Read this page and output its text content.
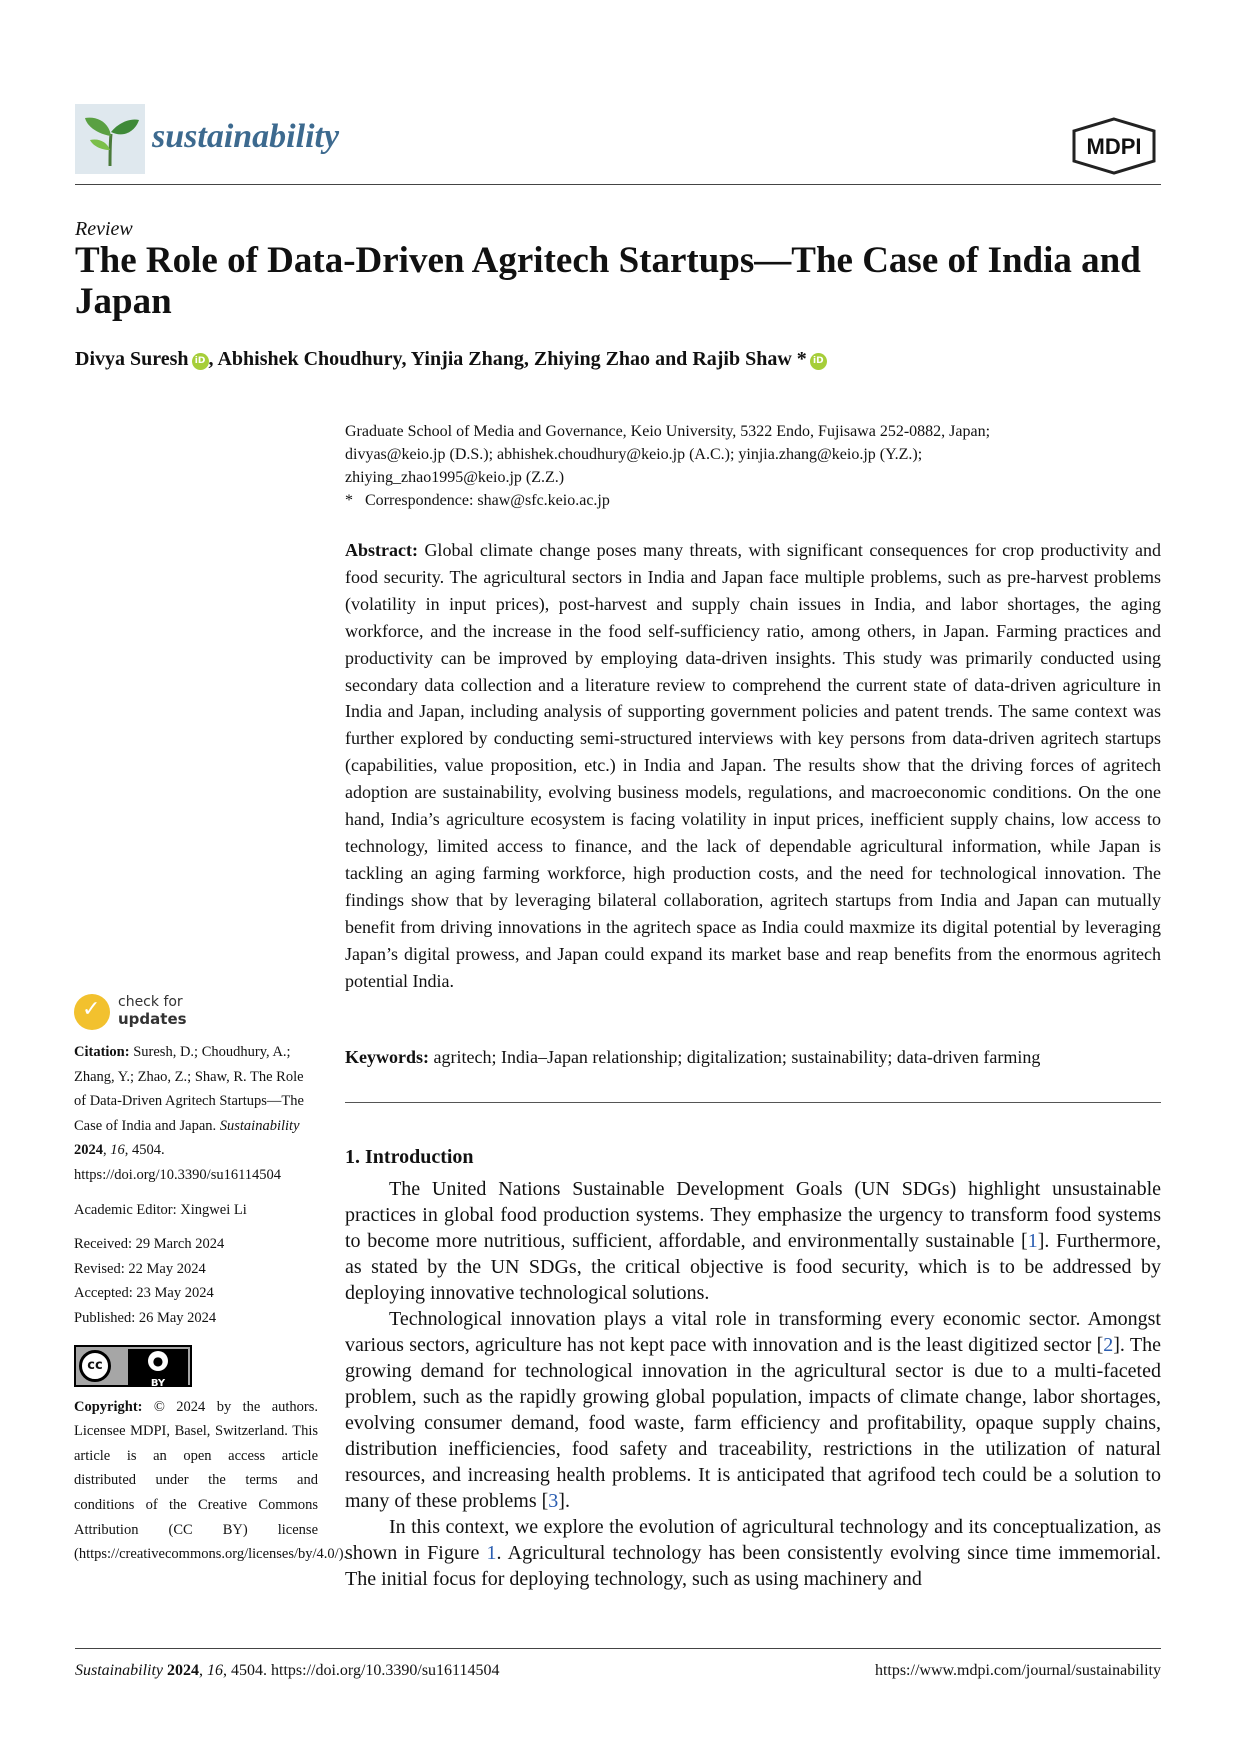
sustainability	MDPI
Review
The Role of Data-Driven Agritech Startups—The Case of India and Japan
Divya Suresh iD , Abhishek Choudhury, Yinjia Zhang, Zhiying Zhao and Rajib Shaw * iD
Graduate School of Media and Governance, Keio University, 5322 Endo, Fujisawa 252-0882, Japan;
divyas@keio.jp (D.S.); abhishek.choudhury@keio.jp (A.C.); yinjia.zhang@keio.jp (Y.Z.);
zhiying_zhao1995@keio.jp (Z.Z.)
*   Correspondence: shaw@sfc.keio.ac.jp
Abstract: Global climate change poses many threats, with significant consequences for crop productivity and food security. The agricultural sectors in India and Japan face multiple problems, such as pre-harvest problems (volatility in input prices), post-harvest and supply chain issues in India, and labor shortages, the aging workforce, and the increase in the food self-sufficiency ratio, among others, in Japan. Farming practices and productivity can be improved by employing data-driven insights. This study was primarily conducted using secondary data collection and a literature review to comprehend the current state of data-driven agriculture in India and Japan, including analysis of supporting government policies and patent trends. The same context was further explored by conducting semi-structured interviews with key persons from data-driven agritech startups (capabilities, value proposition, etc.) in India and Japan. The results show that the driving forces of agritech adoption are sustainability, evolving business models, regulations, and macroeconomic conditions. On the one hand, India’s agriculture ecosystem is facing volatility in input prices, inefficient supply chains, low access to technology, limited access to finance, and the lack of dependable agricultural information, while Japan is tackling an aging farming workforce, high production costs, and the need for technological innovation. The findings show that by leveraging bilateral collaboration, agritech startups from India and Japan can mutually benefit from driving innovations in the agritech space as India could maxmize its digital potential by leveraging Japan’s digital prowess, and Japan could expand its market base and reap benefits from the enormous agritech potential India.
Keywords: agritech; India–Japan relationship; digitalization; sustainability; data-driven farming
1. Introduction

The United Nations Sustainable Development Goals (UN SDGs) highlight unsustainable practices in global food production systems. They emphasize the urgency to transform food systems to become more nutritious, sufficient, affordable, and environmentally sustainable [1]. Furthermore, as stated by the UN SDGs, the critical objective is food security, which is to be addressed by deploying innovative technological solutions.

Technological innovation plays a vital role in transforming every economic sector. Amongst various sectors, agriculture has not kept pace with innovation and is the least digitized sector [2]. The growing demand for technological innovation in the agricultural sector is due to a multi-faceted problem, such as the rapidly growing global population, impacts of climate change, labor shortages, evolving consumer demand, food waste, farm efficiency and profitability, opaque supply chains, distribution inefficiencies, food safety and traceability, restrictions in the utilization of natural resources, and increasing health problems. It is anticipated that agrifood tech could be a solution to many of these problems [3].

In this context, we explore the evolution of agricultural technology and its conceptualization, as shown in Figure 1. Agricultural technology has been consistently evolving since time immemorial. The initial focus for deploying technology, such as using machinery and

✓ check for
updates
Citation: Suresh, D.; Choudhury, A.; Zhang, Y.; Zhao, Z.; Shaw, R. The Role of Data-Driven Agritech Startups—The Case of India and Japan. Sustainability 2024, 16, 4504. https://doi.org/10.3390/su16114504
Academic Editor: Xingwei Li
Received: 29 March 2024
Revised: 22 May 2024
Accepted: 23 May 2024
Published: 26 May 2024
cc	●
BY
Copyright: © 2024 by the authors. Licensee MDPI, Basel, Switzerland. This article is an open access article distributed under the terms and conditions of the Creative Commons Attribution (CC BY) license (https://creativecommons.org/licenses/by/4.0/).
Sustainability 2024, 16, 4504. https://doi.org/10.3390/su16114504	https://www.mdpi.com/journal/sustainability
